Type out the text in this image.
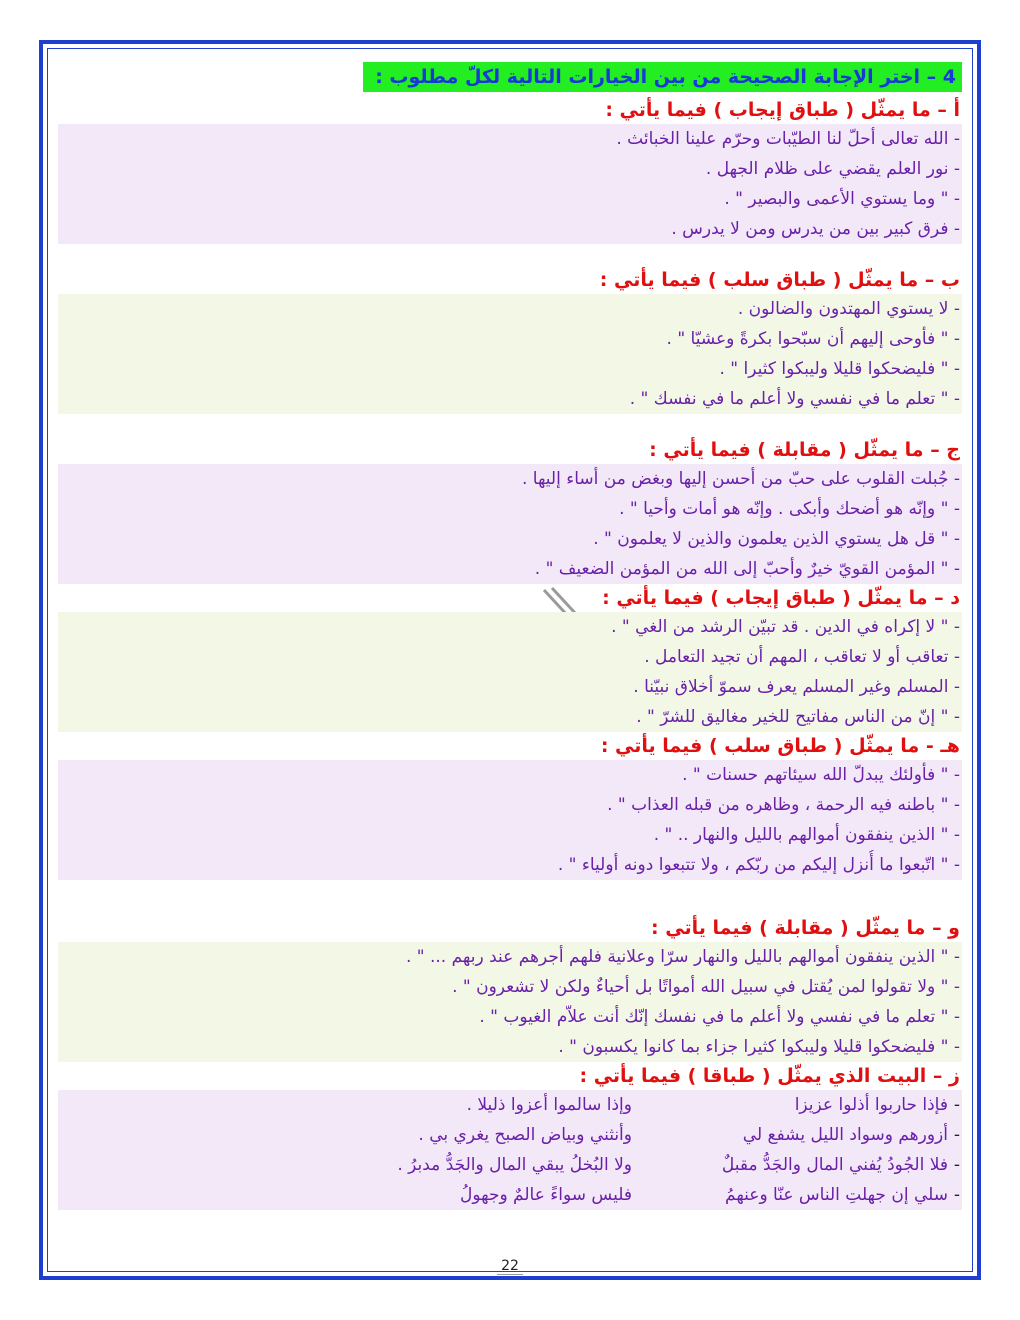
4 – اختر الإجابة الصحيحة من بين الخيارات التالية لكلّ مطلوب :
أ – ما يمثّل ( طباق إيجاب ) فيما يأتي :
- الله تعالى أحلّ لنا الطيّبات وحرّم علينا الخبائث .
- نور العلم يقضي على ظلام الجهل .
- " وما يستوي الأعمى والبصير " .
- فرق كبير بين من يدرس ومن لا يدرس .
ب – ما يمثّل ( طباق سلب ) فيما يأتي :
- لا يستوي المهتدون والضالون .
- " فأوحى إليهم أن سبّحوا بكرةً وعشيّا " .
- " فليضحكوا قليلا وليبكوا كثيرا " .
- " تعلم ما في نفسي ولا أعلم ما في نفسك " .
ج – ما يمثّل ( مقابلة ) فيما يأتي :
- جُبلت القلوب على حبّ من أحسن إليها وبغض من أساء إليها .
- " وإنّه هو أضحك وأبكى . وإنّه هو أمات وأحيا " .
- " قل هل يستوي الذين يعلمون والذين لا يعلمون " .
- " المؤمن القويّ خيرٌ وأحبّ إلى الله من المؤمن الضعيف " .
د – ما يمثّل ( طباق إيجاب ) فيما يأتي :
- " لا إكراه في الدين . قد تبيّن الرشد من الغي " .
- تعاقب أو لا تعاقب ، المهم أن تجيد التعامل .
- المسلم وغير المسلم يعرف سموّ أخلاق نبيّنا .
- " إنّ من الناس مفاتيح للخير مغاليق للشرّ " .
هـ - ما يمثّل ( طباق سلب ) فيما يأتي :
- " فأولئك يبدلّ الله سيئاتهم حسنات " .
- " باطنه فيه الرحمة ، وظاهره من قبله العذاب " .
- " الذين ينفقون أموالهم بالليل والنهار .. " .
- " اتّبعوا ما أُنزل إليكم من ربّكم ، ولا تتبعوا دونه أولياء " .
و – ما يمثّل ( مقابلة ) فيما يأتي :
- " الذين ينفقون أموالهم بالليل والنهار سرّا وعلانية فلهم أجرهم عند ربهم ... " .
- " ولا تقولوا لمن يُقتل في سبيل الله أمواتًا بل أحياءٌ ولكن لا تشعرون " .
- " تعلم ما في نفسي ولا أعلم ما في نفسك إنّك أنت علاّم الغيوب " .
- " فليضحكوا قليلا وليبكوا كثيرا جزاء بما كانوا يكسبون " .
ز – البيت الذي يمثّل ( طباقا ) فيما يأتي :
-
فإذا حاربوا أذلوا عزيزا
وإذا سالموا أعزوا ذليلا .
-
أزورهم وسواد الليل يشفع لي
وأنثني وبياض الصبح يغري بي .
-
فلا الجُودُ يُفني المال والجَدُّ مقبلٌ
ولا البُخلُ يبقي المال والجَدُّ مدبرُ .
-
سلي إن جهلتِ الناس عنّا وعنهمُ
فليس سواءً عالمٌ وجهولُ
22
